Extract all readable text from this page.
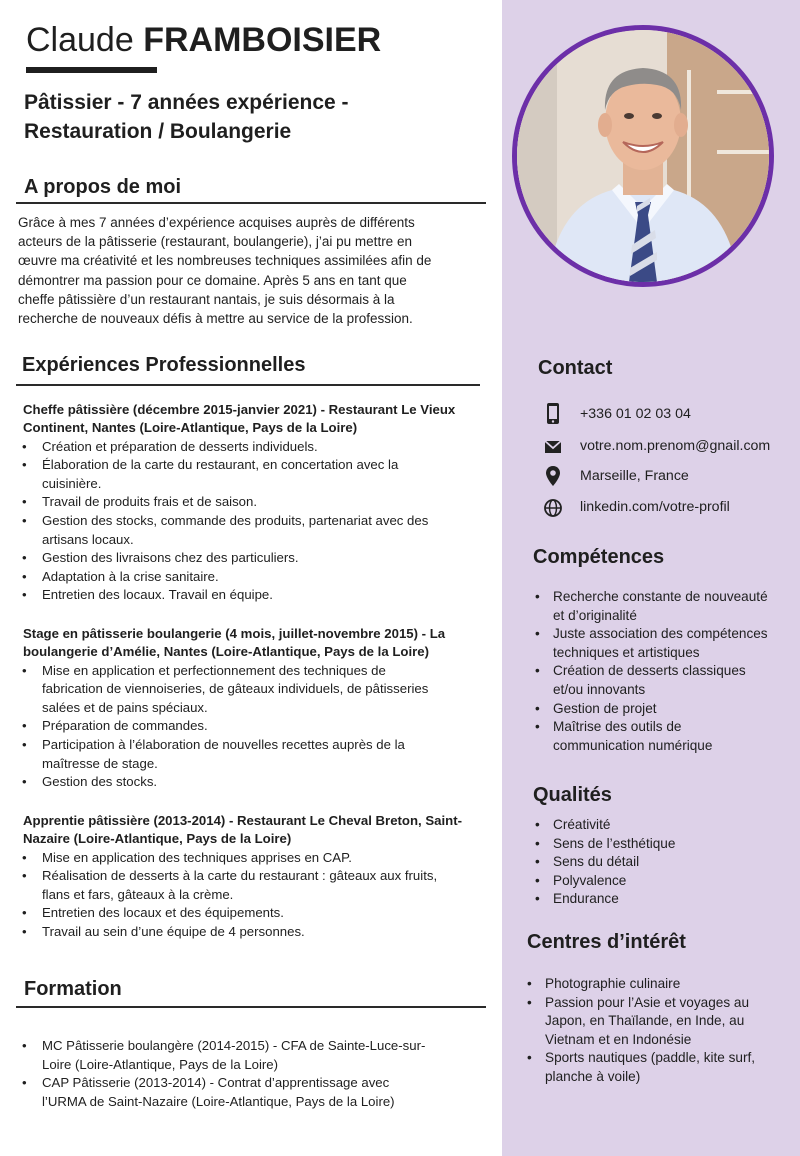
Claude FRAMBOISIER
Pâtissier - 7 années expérience -
Restauration / Boulangerie
A propos de moi
Grâce à mes 7 années d’expérience acquises auprès de différents
acteurs de la pâtisserie (restaurant, boulangerie), j’ai pu mettre en
œuvre ma créativité et les nombreuses techniques assimilées afin de
démontrer ma passion pour ce domaine. Après 5 ans en tant que
cheffe pâtissière d’un restaurant nantais, je suis désormais à la
recherche de nouveaux défis à mettre au service de la profession.
Expériences Professionnelles
Cheffe pâtissière (décembre 2015-janvier 2021) - Restaurant Le Vieux
Continent, Nantes (Loire-Atlantique, Pays de la Loire)
• Création et préparation de desserts individuels.
• Élaboration de la carte du restaurant, en concertation avec la
cuisinière.
• Travail de produits frais et de saison.
• Gestion des stocks, commande des produits, partenariat avec des
artisans locaux.
• Gestion des livraisons chez des particuliers.
• Adaptation à la crise sanitaire.
• Entretien des locaux. Travail en équipe.
Stage en pâtisserie boulangerie (4 mois, juillet-novembre 2015) - La
boulangerie d’Amélie, Nantes (Loire-Atlantique, Pays de la Loire)
• Mise en application et perfectionnement des techniques de
fabrication de viennoiseries, de gâteaux individuels, de pâtisseries
salées et de pains spéciaux.
• Préparation de commandes.
• Participation à l’élaboration de nouvelles recettes auprès de la
maîtresse de stage.
• Gestion des stocks.
Apprentie pâtissière (2013-2014) - Restaurant Le Cheval Breton, Saint-
Nazaire (Loire-Atlantique, Pays de la Loire)
• Mise en application des techniques apprises en CAP.
• Réalisation de desserts à la carte du restaurant : gâteaux aux fruits,
flans et fars, gâteaux à la crème.
• Entretien des locaux et des équipements.
• Travail au sein d’une équipe de 4 personnes.
Formation
• MC Pâtisserie boulangère (2014-2015) - CFA de Sainte-Luce-sur-
Loire (Loire-Atlantique, Pays de la Loire)
• CAP Pâtisserie (2013-2014) - Contrat d’apprentissage avec
l’URMA de Saint-Nazaire (Loire-Atlantique, Pays de la Loire)
Contact
+336 01 02 03 04
votre.nom.prenom@gnail.com
Marseille, France
linkedin.com/votre-profil
Compétences
• Recherche constante de nouveauté
et d’originalité
• Juste association des compétences
techniques et artistiques
• Création de desserts classiques
et/ou innovants
• Gestion de projet
• Maîtrise des outils de
communication numérique
Qualités
• Créativité
• Sens de l’esthétique
• Sens du détail
• Polyvalence
• Endurance
Centres d’intérêt
• Photographie culinaire
• Passion pour l’Asie et voyages au
Japon, en Thaïlande, en Inde, au
Vietnam et en Indonésie
• Sports nautiques (paddle, kite surf,
planche à voile)
